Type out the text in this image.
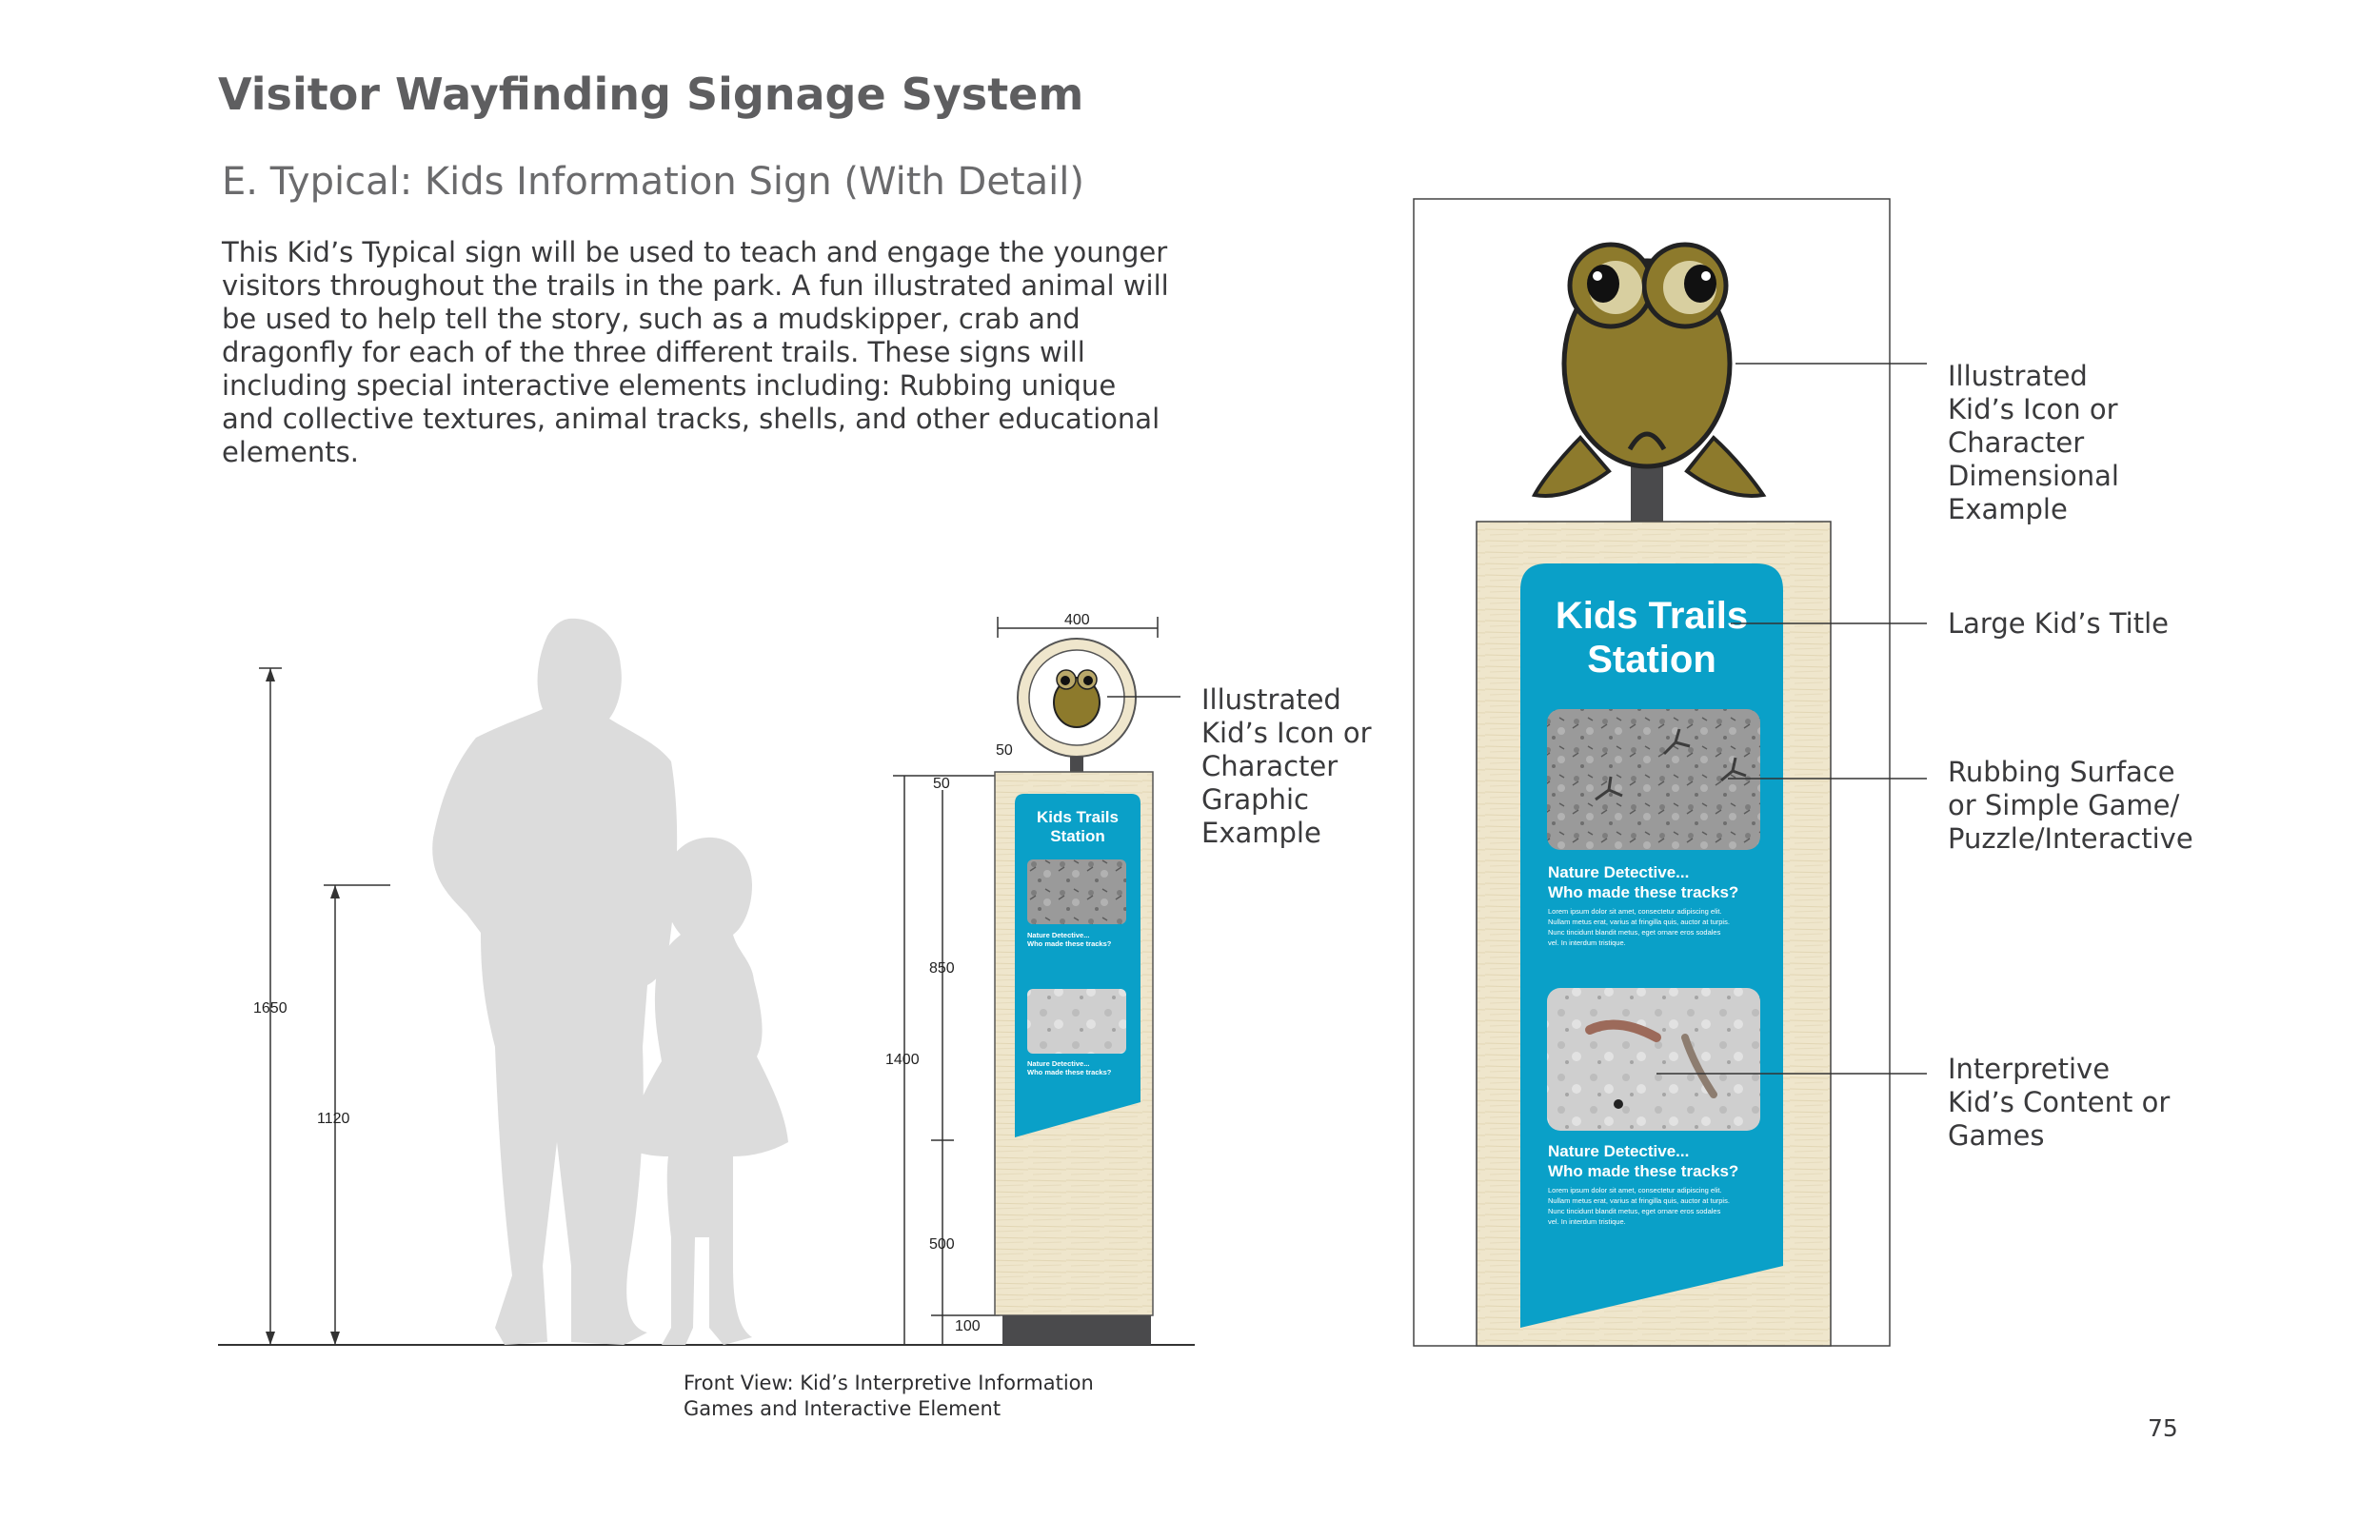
Visitor Wayfinding Signage System
E. Typical: Kids Information Sign (With Detail)
This Kid’s Typical sign will be used to teach and engage the younger visitors throughout the trails in the park. A fun illustrated animal will be used to help tell the story, such as a mudskipper, crab and dragonfly for each of the three different trails. These signs will including special interactive elements including: Rubbing unique and collective textures, animal tracks, shells, and other educational elements.
1650
1120
400
50
50
850
1400
500
100
Kids Trails
Station
Nature Detective...
Who made these tracks?
Nature Detective...
Who made these tracks?
Kids Trails
Station
Nature Detective...
Who made these tracks?
Lorem ipsum dolor sit amet, consectetur adipiscing elit.
Nullam metus erat, varius at fringilla quis, auctor at turpis.
Nunc tincidunt blandit metus, eget ornare eros sodales
vel. In interdum tristique.
Nature Detective...
Who made these tracks?
Lorem ipsum dolor sit amet, consectetur adipiscing elit.
Nullam metus erat, varius at fringilla quis, auctor at turpis.
Nunc tincidunt blandit metus, eget ornare eros sodales
vel. In interdum tristique.
Illustrated
Kid’s Icon or
Character
Graphic
Example
Illustrated
Kid’s Icon or
Character
Dimensional
Example
Large Kid’s Title
Rubbing Surface
or Simple Game/
Puzzle/Interactive
Interpretive
Kid’s Content or
Games
Front View: Kid’s Interpretive Information
Games and Interactive Element
75
